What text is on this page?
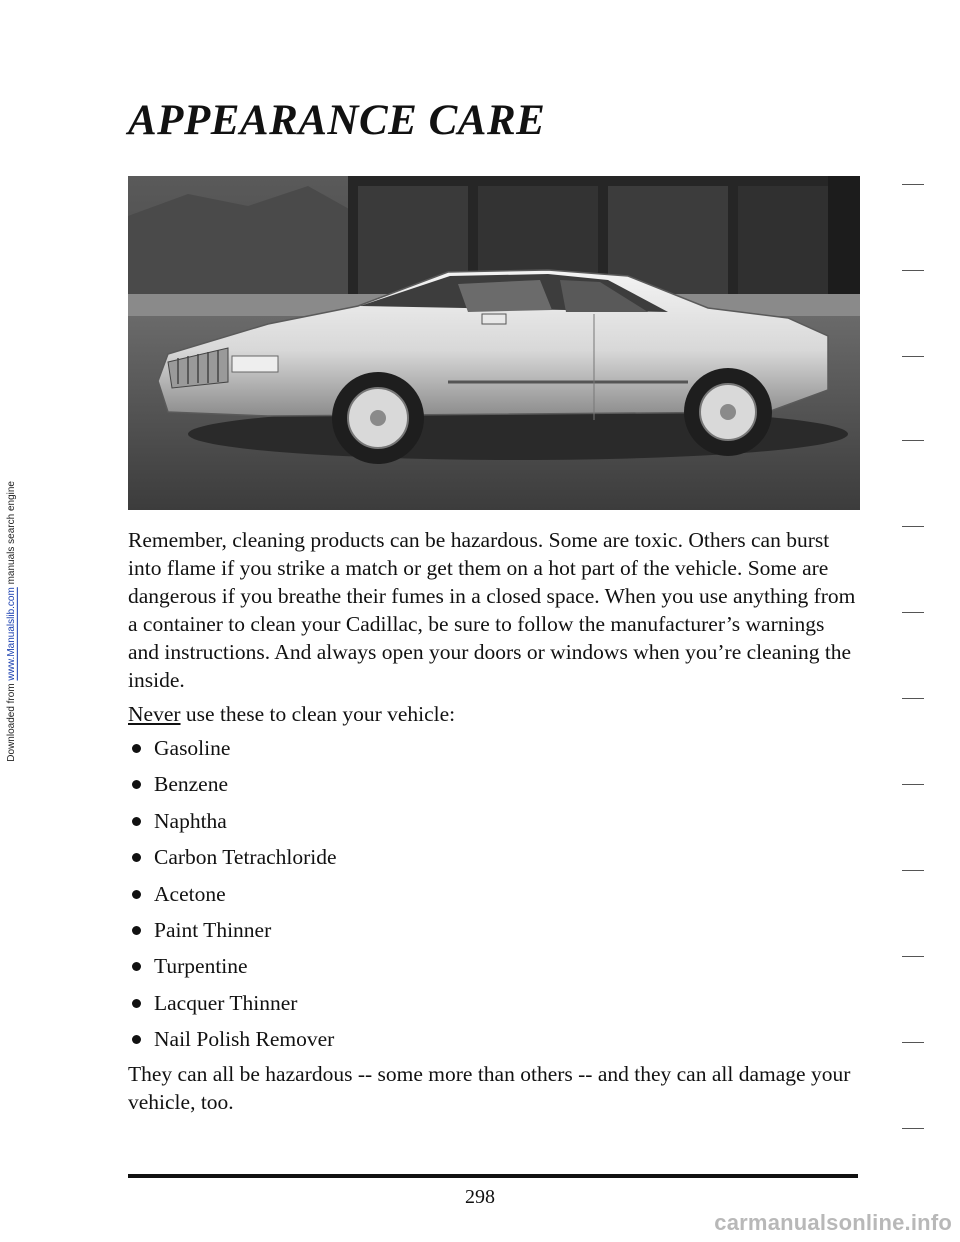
Downloaded from www.Manualslib.com manuals search engine
APPEARANCE CARE

Remember, cleaning products can be hazardous. Some are toxic. Others can burst into flame if you strike a match or get them on a hot part of the vehicle. Some are dangerous if you breathe their fumes in a closed space. When you use anything from a container to clean your Cadillac, be sure to follow the manufacturer’s warnings and instructions. And always open your doors or windows when you’re cleaning the inside.

Never use these to clean your vehicle:

Gasoline
Benzene
Naphtha
Carbon Tetrachloride
Acetone
Paint Thinner
Turpentine
Lacquer Thinner
Nail Polish Remover

They can all be hazardous -- some more than others -- and they can all damage your vehicle, too.

298
carmanualsonline.info
